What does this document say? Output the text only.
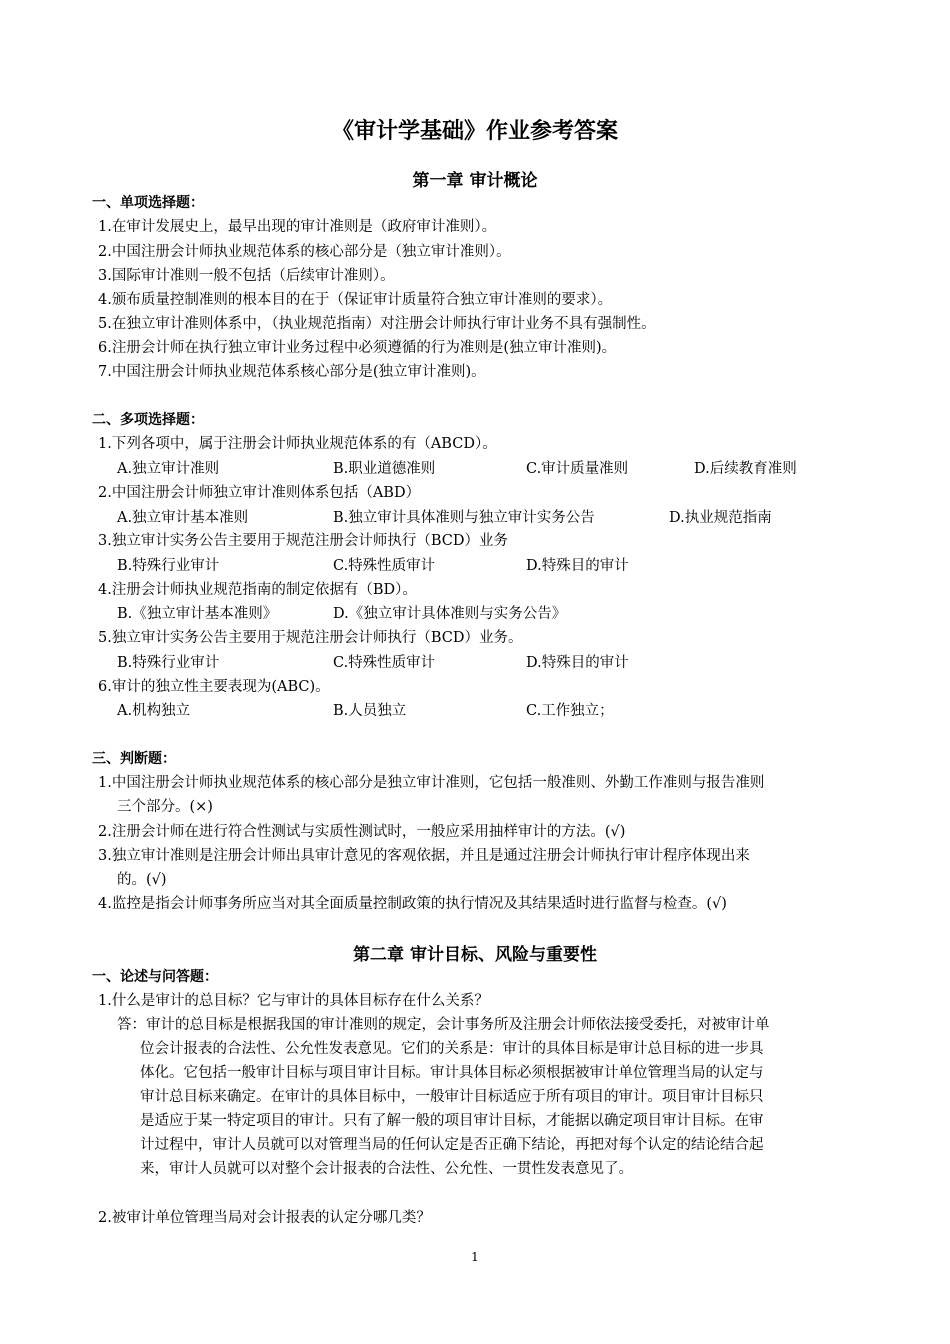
《审计学基础》作业参考答案
第一章 审计概论
一、单项选择题：
1.在审计发展史上，最早出现的审计准则是（政府审计准则）。
2.中国注册会计师执业规范体系的核心部分是（独立审计准则）。
3.国际审计准则一般不包括（后续审计准则）。
4.颁布质量控制准则的根本目的在于（保证审计质量符合独立审计准则的要求）。
5.在独立审计准则体系中，（执业规范指南）对注册会计师执行审计业务不具有强制性。
6.注册会计师在执行独立审计业务过程中必须遵循的行为准则是(独立审计准则)。
7.中国注册会计师执业规范体系核心部分是(独立审计准则)。
二、多项选择题：
1.下列各项中，属于注册会计师执业规范体系的有（ABCD）。
A.独立审计准则	B.职业道德准则	C.审计质量准则	D.后续教育准则
2.中国注册会计师独立审计准则体系包括（ABD）
A.独立审计基本准则	B.独立审计具体准则与独立审计实务公告	D.执业规范指南
3.独立审计实务公告主要用于规范注册会计师执行（BCD）业务
B.特殊行业审计	C.特殊性质审计	D.特殊目的审计
4.注册会计师执业规范指南的制定依据有（BD）。
B.《独立审计基本准则》	D.《独立审计具体准则与实务公告》
5.独立审计实务公告主要用于规范注册会计师执行（BCD）业务。
B.特殊行业审计	C.特殊性质审计	D.特殊目的审计
6.审计的独立性主要表现为(ABC)。
A.机构独立	B.人员独立	C.工作独立；
三、判断题：
1.中国注册会计师执业规范体系的核心部分是独立审计准则，它包括一般准则、外勤工作准则与报告准则
三个部分。(×)
2.注册会计师在进行符合性测试与实质性测试时，一般应采用抽样审计的方法。(√)
3.独立审计准则是注册会计师出具审计意见的客观依据，并且是通过注册会计师执行审计程序体现出来
的。(√)
4.监控是指会计师事务所应当对其全面质量控制政策的执行情况及其结果适时进行监督与检查。(√)
第二章 审计目标、风险与重要性
一、论述与问答题：
1.什么是审计的总目标？它与审计的具体目标存在什么关系？
答：审计的总目标是根据我国的审计准则的规定，会计事务所及注册会计师依法接受委托，对被审计单
位会计报表的合法性、公允性发表意见。它们的关系是：审计的具体目标是审计总目标的进一步具
体化。它包括一般审计目标与项目审计目标。审计具体目标必须根据被审计单位管理当局的认定与
审计总目标来确定。在审计的具体目标中，一般审计目标适应于所有项目的审计。项目审计目标只
是适应于某一特定项目的审计。只有了解一般的项目审计目标，才能据以确定项目审计目标。在审
计过程中，审计人员就可以对管理当局的任何认定是否正确下结论，再把对每个认定的结论结合起
来，审计人员就可以对整个会计报表的合法性、公允性、一贯性发表意见了。
2.被审计单位管理当局对会计报表的认定分哪几类？
1
